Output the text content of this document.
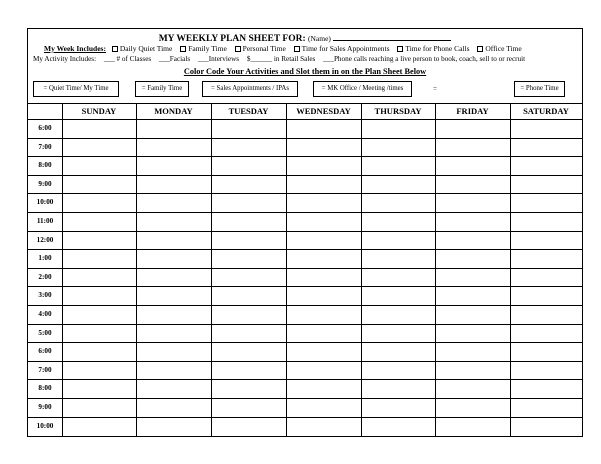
MY WEEKLY PLAN SHEET FOR: (Name)
My Week Includes: Daily Quiet Time Family Time Personal Time Time for Sales Appointments Time for Phone Calls Office Time
My Activity Includes: ___ # of Classes ___Facials ___Interviews $______ in Retail Sales ___Phone calls reaching a live person to book, coach, sell to or recruit
Color Code Your Activities and Slot them in on the Plan Sheet Below
= Quiet Time/ My Time	= Family Time	= Sales Appointments / IPAs	= MK Office / Meeting /times	=	= Phone Time
SUNDAY	MONDAY	TUESDAY	WEDNESDAY	THURSDAY	FRIDAY	SATURDAY
6:00
7:00
8:00
9:00
10:00
11:00
12:00
1:00
2:00
3:00
4:00
5:00
6:00
7:00
8:00
9:00
10:00
